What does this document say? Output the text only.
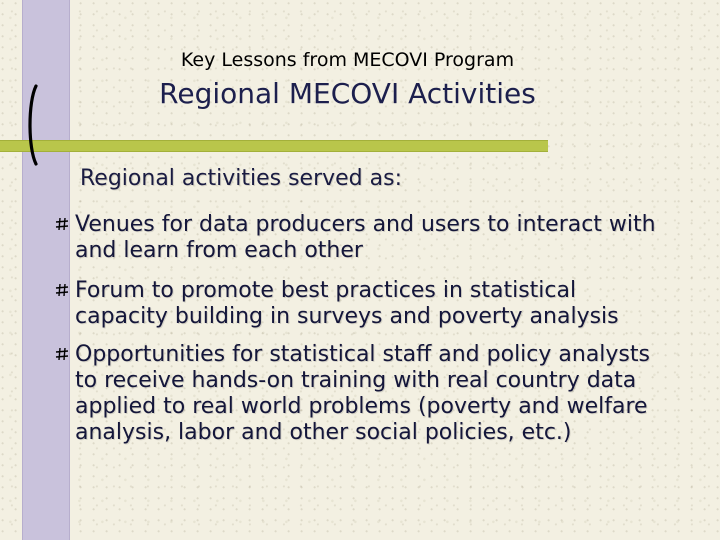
Key Lessons from MECOVI Program
Regional MECOVI Activities
Regional activities served as:
Venues for data producers and users to interact with and learn from each other
Forum to promote best practices in statistical capacity building in surveys and poverty analysis
Opportunities for statistical staff and policy analysts to receive hands-on training with real country data applied to real world problems (poverty and welfare analysis, labor and other social policies, etc.)
